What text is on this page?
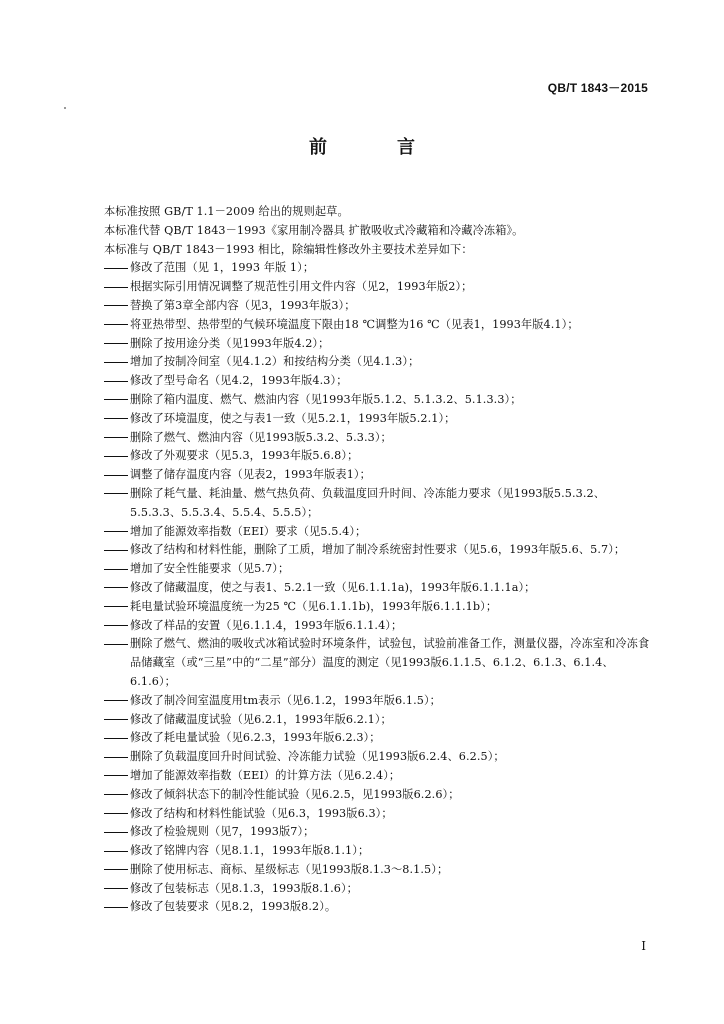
QB/T 1843－2015
前　言

本标准按照 GB/T 1.1－2009 给出的规则起草。

本标准代替 QB/T 1843－1993《家用制冷器具 扩散吸收式冷藏箱和冷藏冷冻箱》。

本标准与 QB/T 1843－1993 相比，除编辑性修改外主要技术差异如下：

修改了范围（见 1，1993 年版 1）；

根据实际引用情况调整了规范性引用文件内容（见2，1993年版2）；

替换了第3章全部内容（见3，1993年版3）；

将亚热带型、热带型的气候环境温度下限由18 ℃调整为16 ℃（见表1，1993年版4.1）；

删除了按用途分类（见1993年版4.2）；

增加了按制冷间室（见4.1.2）和按结构分类（见4.1.3）；

修改了型号命名（见4.2，1993年版4.3）；

删除了箱内温度、燃气、燃油内容（见1993年版5.1.2、5.1.3.2、5.1.3.3）；

修改了环境温度，使之与表1一致（见5.2.1，1993年版5.2.1）；

删除了燃气、燃油内容（见1993版5.3.2、5.3.3）；

修改了外观要求（见5.3，1993年版5.6.8）；

调整了储存温度内容（见表2，1993年版表1）；

删除了耗气量、耗油量、燃气热负荷、负载温度回升时间、冷冻能力要求（见1993版5.5.3.2、5.5.3.3、5.5.3.4、5.5.4、5.5.5）；

增加了能源效率指数（EEI）要求（见5.5.4）；

修改了结构和材料性能，删除了工质，增加了制冷系统密封性要求（见5.6，1993年版5.6、5.7）；

增加了安全性能要求（见5.7）；

修改了储藏温度，使之与表1、5.2.1一致（见6.1.1.1a)，1993年版6.1.1.1a）；

耗电量试验环境温度统一为25 ℃（见6.1.1.1b)，1993年版6.1.1.1b）；

修改了样品的安置（见6.1.1.4，1993年版6.1.1.4）；

删除了燃气、燃油的吸收式冰箱试验时环境条件，试验包，试验前准备工作，测量仪器，冷冻室和冷冻食品储藏室（或“三星”中的“二星”部分）温度的测定（见1993版6.1.1.5、6.1.2、6.1.3、6.1.4、6.1.6）；

修改了制冷间室温度用tm表示（见6.1.2，1993年版6.1.5）；

修改了储藏温度试验（见6.2.1，1993年版6.2.1）；

修改了耗电量试验（见6.2.3，1993年版6.2.3）；

删除了负载温度回升时间试验、冷冻能力试验（见1993版6.2.4、6.2.5）；

增加了能源效率指数（EEI）的计算方法（见6.2.4）；

修改了倾斜状态下的制冷性能试验（见6.2.5，见1993版6.2.6）；

修改了结构和材料性能试验（见6.3，1993版6.3）；

修改了检验规则（见7，1993版7）；

修改了铭牌内容（见8.1.1，1993年版8.1.1）；

删除了使用标志、商标、星级标志（见1993版8.1.3～8.1.5）；

修改了包装标志（见8.1.3，1993版8.1.6）；

修改了包装要求（见8.2，1993版8.2）。

I
